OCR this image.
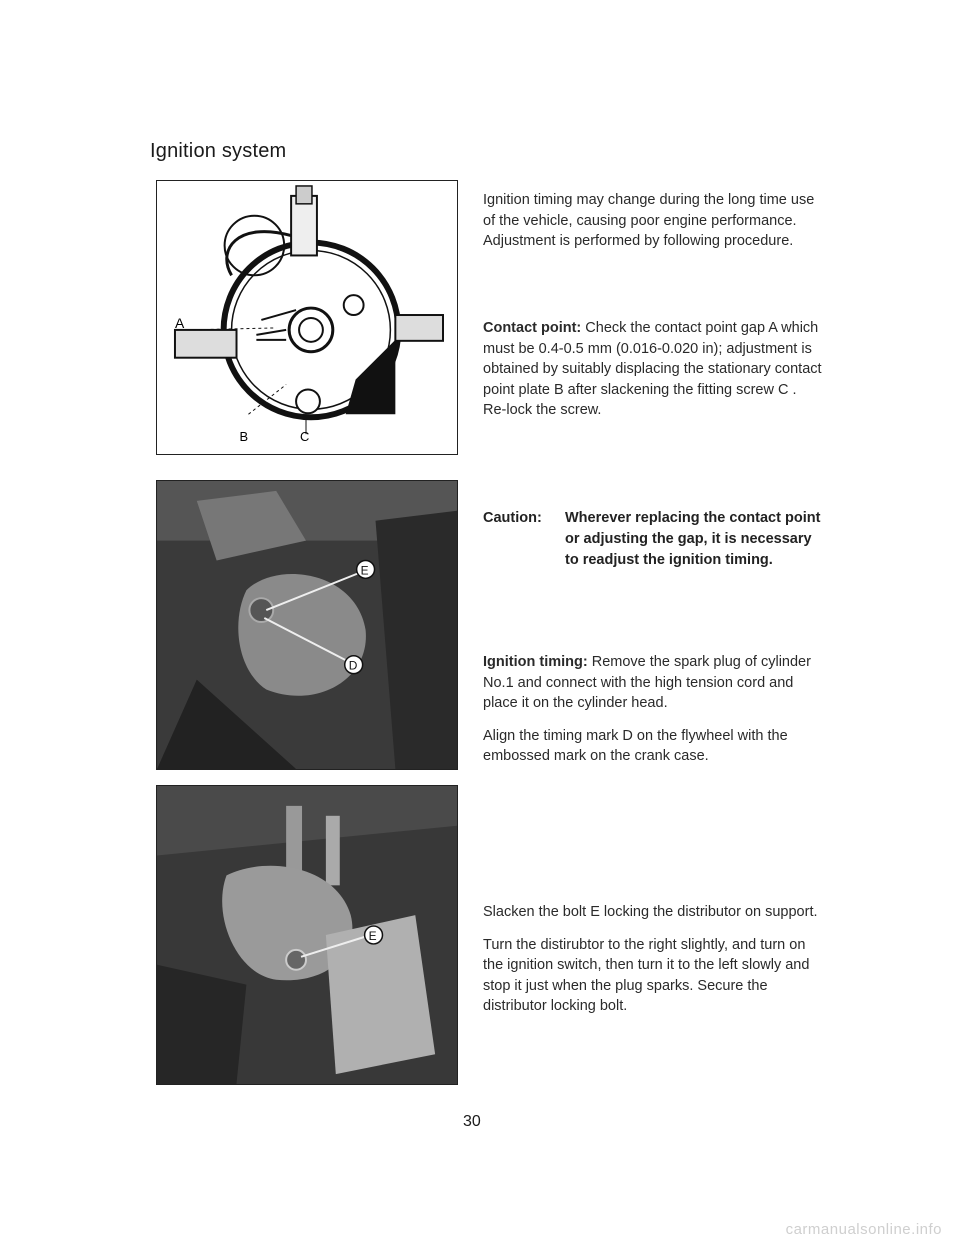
Ignition system
A
B	C
E
D
E

Ignition timing may change during the long time use of the vehicle, causing poor engine performance. Adjustment is performed by following procedure.

Contact point: Check the contact point gap A which must be 0.4-0.5 mm (0.016-0.020 in); adjustment is obtained by suitably displacing the stationary contact point plate B after slackening the fitting screw C . Re-lock the screw.

Caution:	Wherever replacing the contact point or adjusting the gap, it is necessary to readjust the ignition timing.

Ignition timing: Remove the spark plug of cylinder No.1 and connect with the high tension cord and place it on the cylinder head.

Align the timing mark D on the flywheel with the embossed mark on the crank case.

Slacken the bolt E locking the distributor on support.

Turn the distirubtor to the right slightly, and turn on the ignition switch, then turn it to the left slowly and stop it just when the plug sparks. Secure the distributor locking bolt.

30
carmanualsonline.info
